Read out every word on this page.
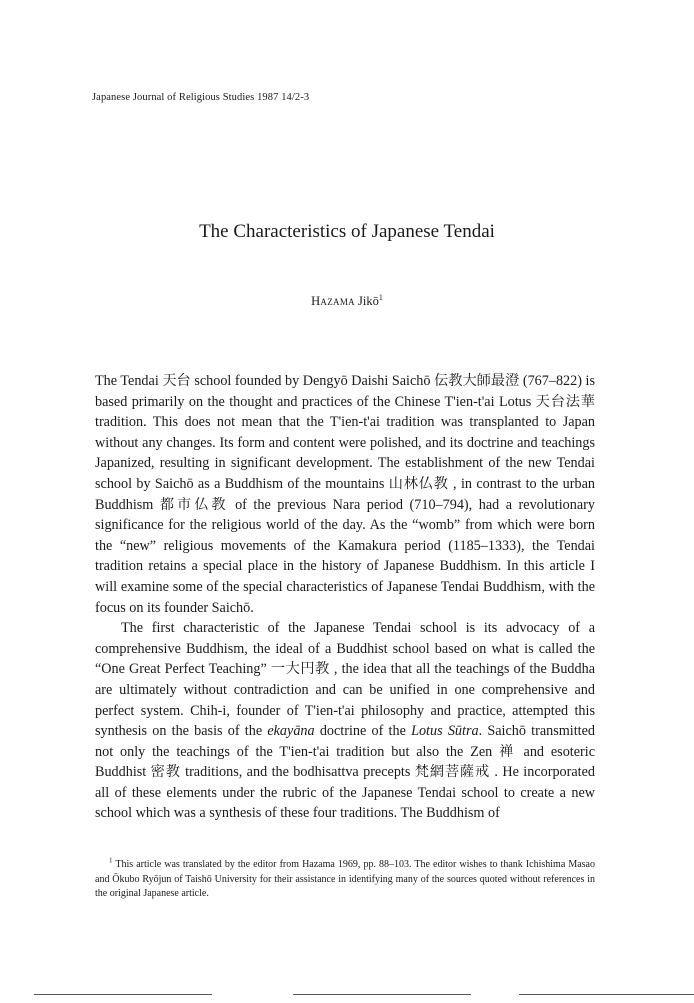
Japanese Journal of Religious Studies 1987 14/2-3
The Characteristics of Japanese Tendai
Hazama Jikō$^1$

The Tendai 天台 school founded by Dengyō Daishi Saichō 伝教大師最澄 (767–822) is based primarily on the thought and practices of the Chinese T'ien-t'ai Lotus 天台法華 tradition. This does not mean that the T'ien-t'ai tradition was transplanted to Japan without any changes. Its form and content were polished, and its doctrine and teachings Japanized, resulting in significant development. The establishment of the new Tendai school by Saichō as a Buddhism of the mountains 山林仏教 , in contrast to the urban Buddhism 都市仏教 of the previous Nara period (710–794), had a revolutionary significance for the religious world of the day. As the “womb” from which were born the “new” religious movements of the Kamakura period (1185–1333), the Tendai tradition retains a special place in the history of Japanese Buddhism. In this article I will examine some of the special characteristics of Japanese Tendai Buddhism, with the focus on its founder Saichō.

The first characteristic of the Japanese Tendai school is its advocacy of a comprehensive Buddhism, the ideal of a Buddhist school based on what is called the “One Great Perfect Teaching” 一大円教 , the idea that all the teachings of the Buddha are ultimately without contradiction and can be unified in one comprehensive and perfect system. Chih-i, founder of T'ien-t'ai philosophy and practice, attempted this synthesis on the basis of the ekayāna doctrine of the Lotus Sūtra. Saichō transmitted not only the teachings of the T'ien-t'ai tradition but also the Zen 禅 and esoteric Buddhist 密教 traditions, and the bodhisattva precepts 梵網菩薩戒 . He incorporated all of these elements under the rubric of the Japanese Tendai school to create a new school which was a synthesis of these four traditions. The Buddhism of

$^1$ This article was translated by the editor from Hazama 1969, pp. 88–103. The editor wishes to thank Ichishima Masao and Ōkubo Ryōjun of Taishō University for their assistance in identifying many of the sources quoted without references in the original Japanese article.
